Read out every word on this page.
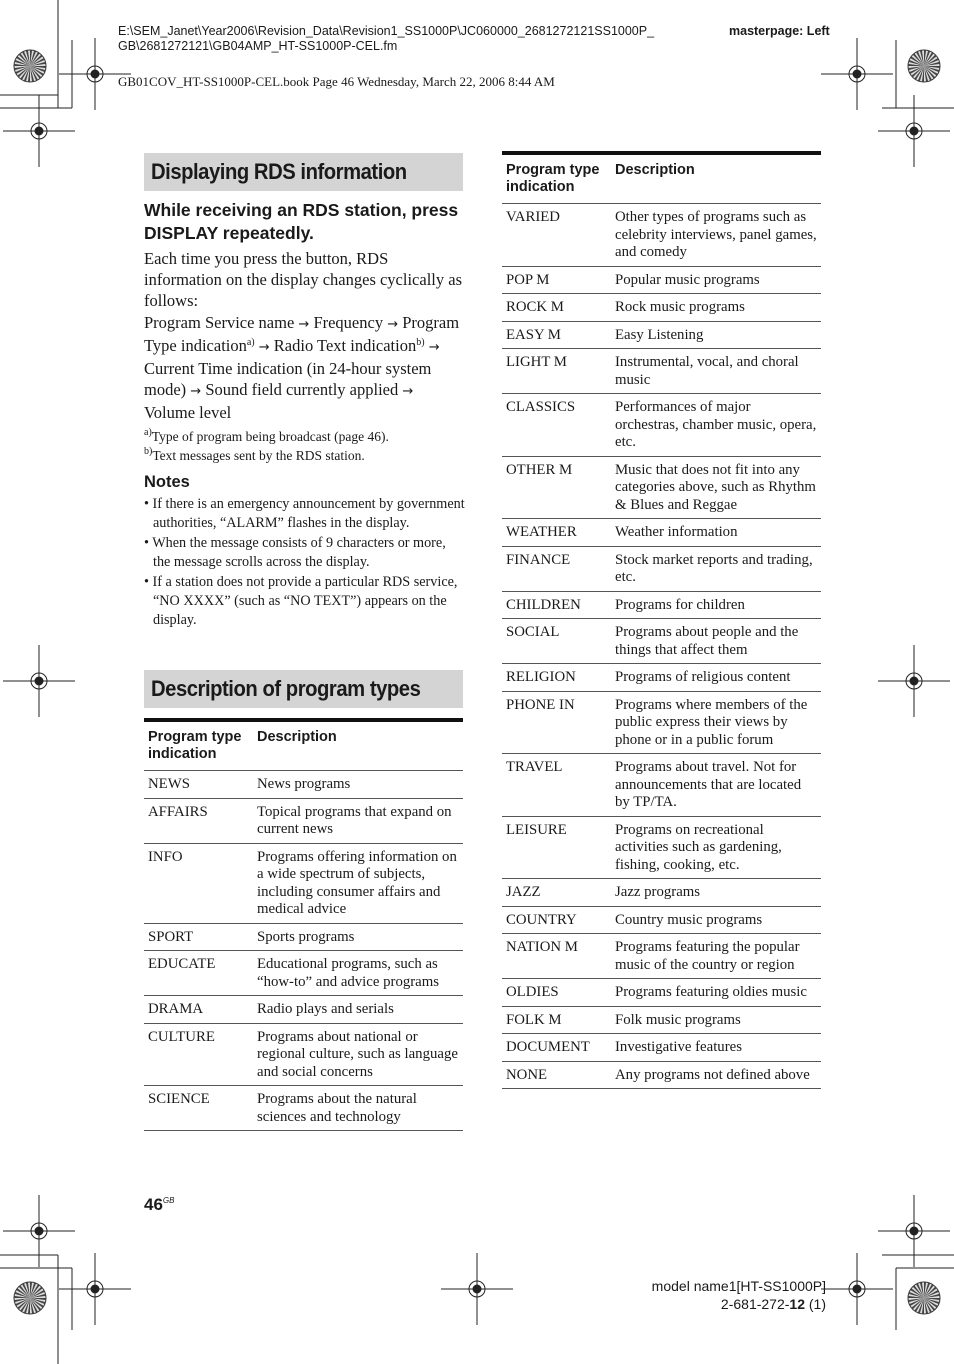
E:\SEM_Janet\Year2006\Revision_Data\Revision1_SS1000P\JC060000_2681272121SS1000P_
GB\2681272121\GB04AMP_HT-SS1000P-CEL.fm
masterpage: Left
GB01COV_HT-SS1000P-CEL.book Page 46 Wednesday, March 22, 2006 8:44 AM
Displaying RDS information
While receiving an RDS station, press DISPLAY repeatedly.
Each time you press the button, RDS information on the display changes cyclically as follows:
Program Service name → Frequency → Program Type indication$^{a)}$ → Radio Text indication$^{b)}$ → Current Time indication (in 24-hour system mode) → Sound field currently applied → Volume level
$^{a)}$Type of program being broadcast (page 46).
$^{b)}$Text messages sent by the RDS station.
Notes
• If there is an emergency announcement by government authorities, “ALARM” flashes in the display.
• When the message consists of 9 characters or more, the message scrolls across the display.
• If a station does not provide a particular RDS service, “NO XXXX” (such as “NO TEXT”) appears on the display.
Description of program types
Program type indication	Description
NEWS	News programs
AFFAIRS	Topical programs that expand on current news
INFO	Programs offering information on a wide spectrum of subjects, including consumer affairs and medical advice
SPORT	Sports programs
EDUCATE	Educational programs, such as “how-to” and advice programs
DRAMA	Radio plays and serials
CULTURE	Programs about national or regional culture, such as language and social concerns
SCIENCE	Programs about the natural sciences and technology
Program type indication	Description
VARIED	Other types of programs such as celebrity interviews, panel games, and comedy
POP M	Popular music programs
ROCK M	Rock music programs
EASY M	Easy Listening
LIGHT M	Instrumental, vocal, and choral music
CLASSICS	Performances of major orchestras, chamber music, opera, etc.
OTHER M	Music that does not fit into any categories above, such as Rhythm & Blues and Reggae
WEATHER	Weather information
FINANCE	Stock market reports and trading, etc.
CHILDREN	Programs for children
SOCIAL	Programs about people and the things that affect them
RELIGION	Programs of religious content
PHONE IN	Programs where members of the public express their views by phone or in a public forum
TRAVEL	Programs about travel. Not for announcements that are located by TP/TA.
LEISURE	Programs on recreational activities such as gardening, fishing, cooking, etc.
JAZZ	Jazz programs
COUNTRY	Country music programs
NATION M	Programs featuring the popular music of the country or region
OLDIES	Programs featuring oldies music
FOLK M	Folk music programs
DOCUMENT	Investigative features
NONE	Any programs not defined above
$46^{GB}$
model name1[HT-SS1000P]
2-681-272-12 (1)
